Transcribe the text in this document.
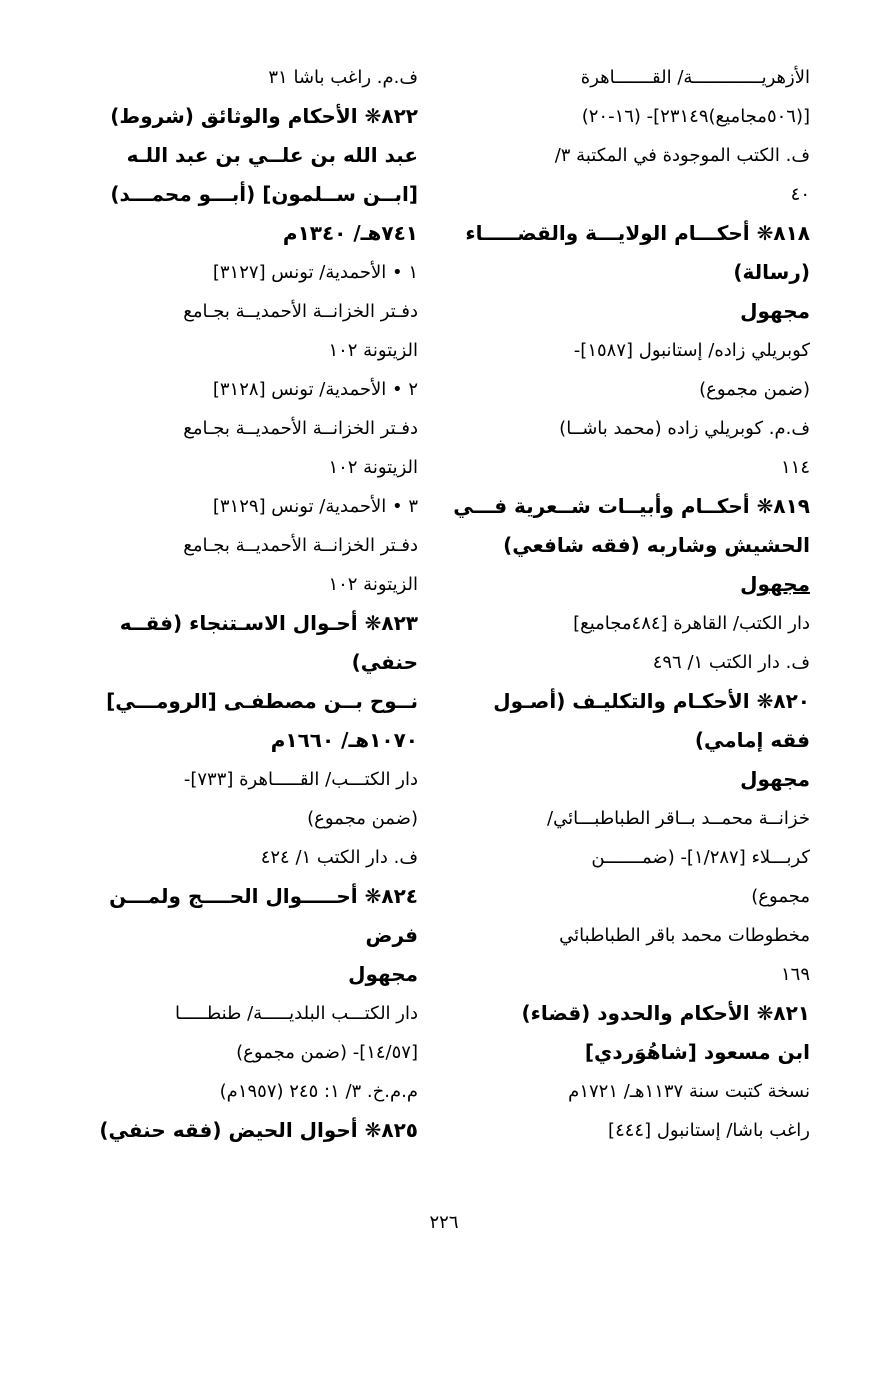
الأزهريـــــــــــــة/ القـــــــاهرة
[(٥٠٦مجاميع)٢٣١٤٩]- (١٦-٢٠)
ف. الكتب الموجودة في المكتبة ٣/
٤٠
٨١٨❋ أحكـــام الولايـــة والقضـــــاء
(رسالة)
مجهول
كوبريلي زاده/ إستانبول [١٥٨٧]-
(ضمن مجموع)
ف.م. كوبريلي زاده (محمد باشــا)
١١٤
٨١٩❋ أحكــام وأبيــات شــعرية فـــي
الحشيش وشاربه (فقه شافعي)
مجهول
دار الكتب/ القاهرة [٤٨٤مجاميع]
ف. دار الكتب ١/ ٤٩٦
٨٢٠❋ الأحكـام والتكليـف (أصـول
فقه إمامي)
مجهول
خزانــة محمــد بــاقر الطباطبـــائي/
كربـــلاء [١/٢٨٧]- (ضمـــــــن
مجموع)
مخطوطات محمد باقر الطباطبائي
١٦٩
٨٢١❋ الأحكام والحدود (قضاء)
ابن مسعود [شاهُوَردي]
نسخة كتبت سنة ١١٣٧هـ/ ١٧٢١م
راغب باشا/ إستانبول [٤٤٤]
ف.م. راغب باشا ٣١
٨٢٢❋ الأحكام والوثائق (شروط)
عبد الله بن علــي بن عبد اللـه
[ابــن ســلمون] (أبـــو محمـــد)
٧٤١هـ/ ١٣٤٠م
١ • الأحمدية/ تونس [٣١٢٧]
دفـتر الخزانــة الأحمديــة بجـامع
الزيتونة ١٠٢
٢ • الأحمدية/ تونس [٣١٢٨]
دفـتر الخزانــة الأحمديــة بجـامع
الزيتونة ١٠٢
٣ • الأحمدية/ تونس [٣١٢٩]
دفـتر الخزانــة الأحمديــة بجـامع
الزيتونة ١٠٢
٨٢٣❋ أحـوال الاسـتنجاء (فقــه
حنفي)
نــوح بــن مصطفـى [الرومـــي]
١٠٧٠هـ/ ١٦٦٠م
دار الكتـــب/ القـــــاهرة [٧٣٣]-
(ضمن مجموع)
ف. دار الكتب ١/ ٤٢٤
٨٢٤❋ أحـــــوال الحــــج ولمـــن
فرض
مجهول
دار الكتـــب البلديـــــة/ طنطـــــا
[١٤/٥٧]- (ضمن مجموع)
م.م.خ. ٣/ ١: ٢٤٥ (١٩٥٧م)
٨٢٥❋ أحوال الحيض (فقه حنفي)
٢٢٦
